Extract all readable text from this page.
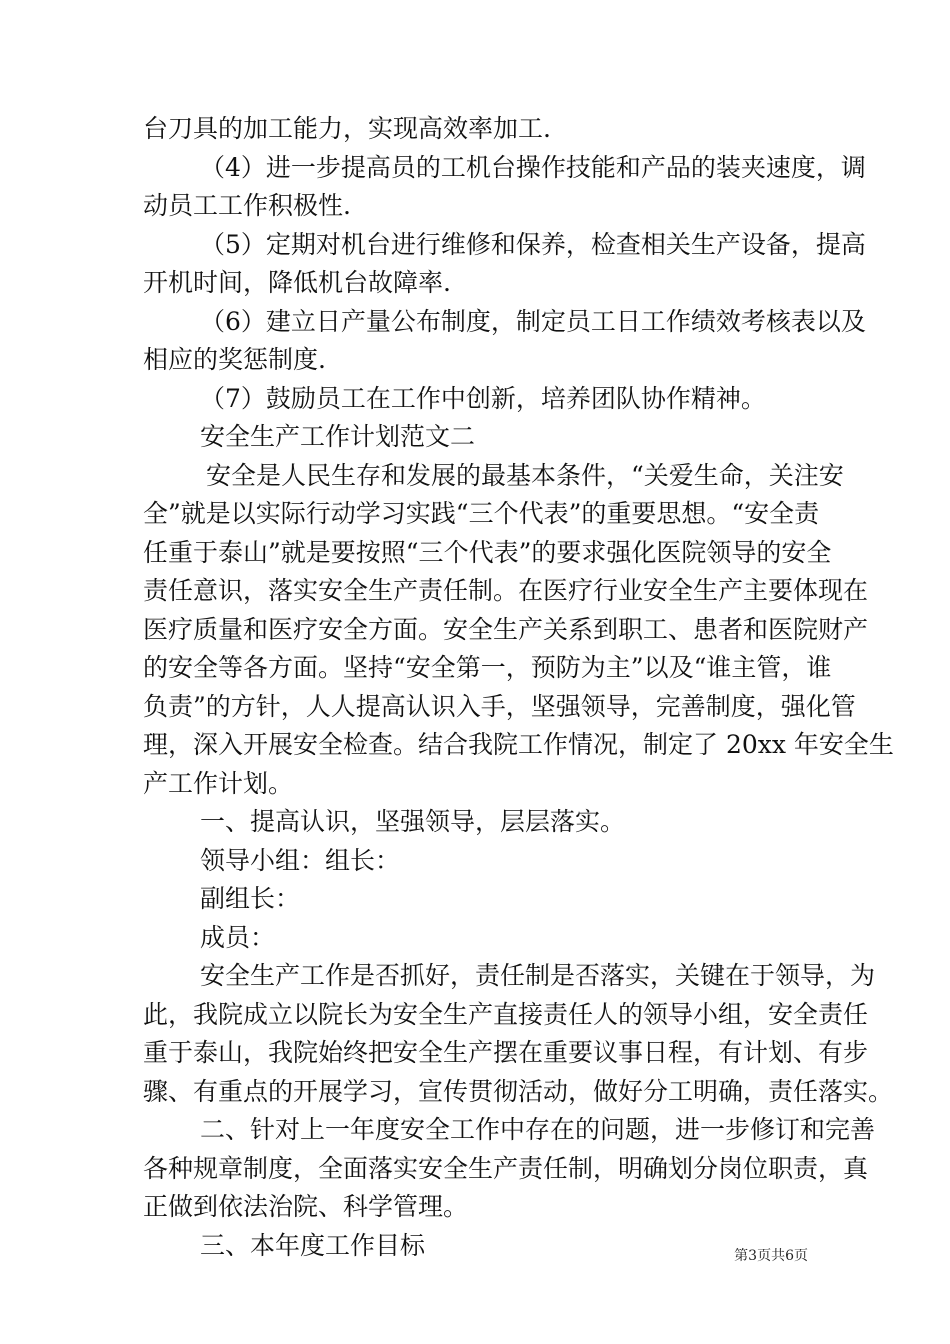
台刀具的加工能力，实现高效率加工.
（4）进一步提高员的工机台操作技能和产品的装夹速度，调
动员工工作积极性.
（5）定期对机台进行维修和保养，检查相关生产设备，提高
开机时间，降低机台故障率.
（6）建立日产量公布制度，制定员工日工作绩效考核表以及
相应的奖惩制度.
（7）鼓励员工在工作中创新，培养团队协作精神。
安全生产工作计划范文二
安全是人民生存和发展的最基本条件，“关爱生命，关注安
全”就是以实际行动学习实践“三个代表”的重要思想。“安全责
任重于泰山”就是要按照“三个代表”的要求强化医院领导的安全
责任意识，落实安全生产责任制。在医疗行业安全生产主要体现在
医疗质量和医疗安全方面。安全生产关系到职工、患者和医院财产
的安全等各方面。坚持“安全第一，预防为主”以及“谁主管，谁
负责”的方针，人人提高认识入手，坚强领导，完善制度，强化管
理，深入开展安全检查。结合我院工作情况，制定了 20xx 年安全生
产工作计划。
一、提高认识，坚强领导，层层落实。
领导小组：组长：
副组长：
成员：
安全生产工作是否抓好，责任制是否落实，关键在于领导，为
此，我院成立以院长为安全生产直接责任人的领导小组，安全责任
重于泰山，我院始终把安全生产摆在重要议事日程，有计划、有步
骤、有重点的开展学习，宣传贯彻活动，做好分工明确，责任落实。
二、针对上一年度安全工作中存在的问题，进一步修订和完善
各种规章制度，全面落实安全生产责任制，明确划分岗位职责，真
正做到依法治院、科学管理。
三、本年度工作目标	第3页共6页
